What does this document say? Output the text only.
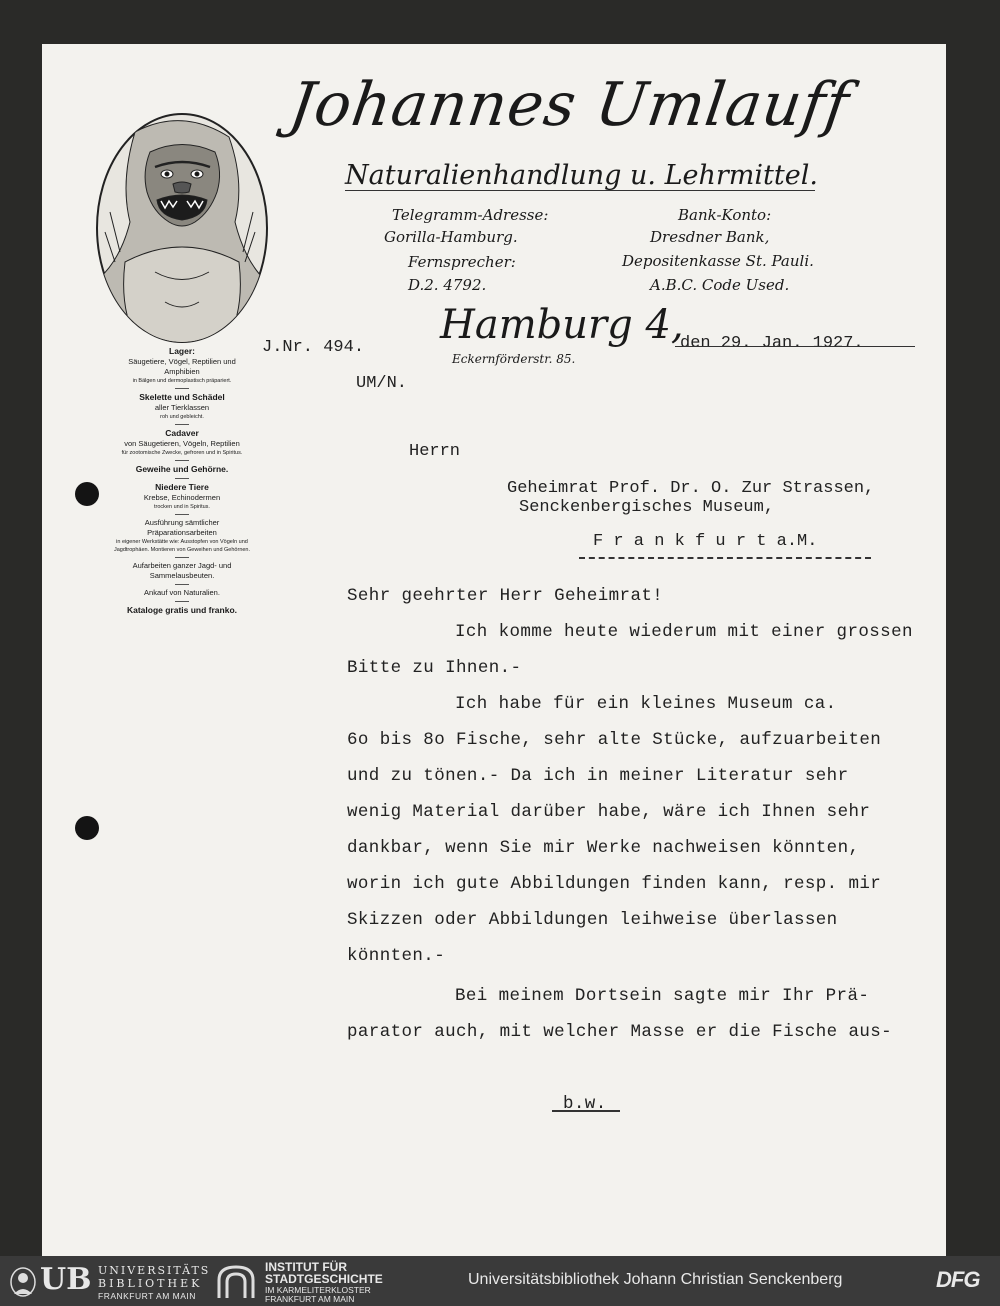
Johannes Umlauff
Naturalienhandlung u. Lehrmittel.
Telegramm-Adresse:
Gorilla-Hamburg.
Fernsprecher:
D.2. 4792.
Bank-Konto:
Dresdner Bank,
Depositenkasse St. Pauli.
A.B.C. Code Used.
Hamburg 4,
Eckernförderstr. 85.
Lager:
Säugetiere, Vögel, Reptilien und Amphibien
in Bälgen und dermoplastisch präpariert.
Skelette und Schädel
aller Tierklassen
roh und gebleicht.
Cadaver
von Säugetieren, Vögeln, Reptilien
für zootomische Zwecke, gefroren und in Spiritus.
Geweihe und Gehörne.
Niedere Tiere
Krebse, Echinodermen
trocken und in Spiritus.
Ausführung sämtlicher Präparationsarbeiten
in eigener Werkstätte wie: Ausstopfen von Vögeln und Jagdtrophäen. Montieren von Geweihen und Gehörnen.
Aufarbeiten ganzer Jagd- und Sammelausbeuten.
Ankauf von Naturalien.
Kataloge gratis und franko.
J.Nr. 494.	den 29. Jan. 1927.
UM/N.
Herrn
Geheimrat Prof. Dr. O. Zur Strassen,
Senckenbergisches Museum,
F r a n k f u r t a.M.
Sehr geehrter Herr Geheimrat!
Ich komme heute wiederum mit einer grossen
Bitte zu Ihnen.-
Ich habe für ein kleines Museum ca.
6o bis 8o Fische, sehr alte Stücke, aufzuarbeiten
und zu tönen.- Da ich in meiner Literatur sehr
wenig Material darüber habe, wäre ich Ihnen sehr
dankbar, wenn Sie mir Werke nachweisen könnten,
worin ich gute Abbildungen finden kann, resp. mir
Skizzen oder Abbildungen leihweise überlassen
könnten.-
Bei meinem Dortsein sagte mir Ihr Prä-
parator auch, mit welcher Masse er die Fische aus-
b.w.
UB UNIVERSITÄTS
BIBLIOTHEK
FRANKFURT AM MAIN
INSTITUT FÜR
STADTGESCHICHTE
IM KARMELITERKLOSTER
FRANKFURT AM MAIN
Universitätsbibliothek Johann Christian Senckenberg	DFG
